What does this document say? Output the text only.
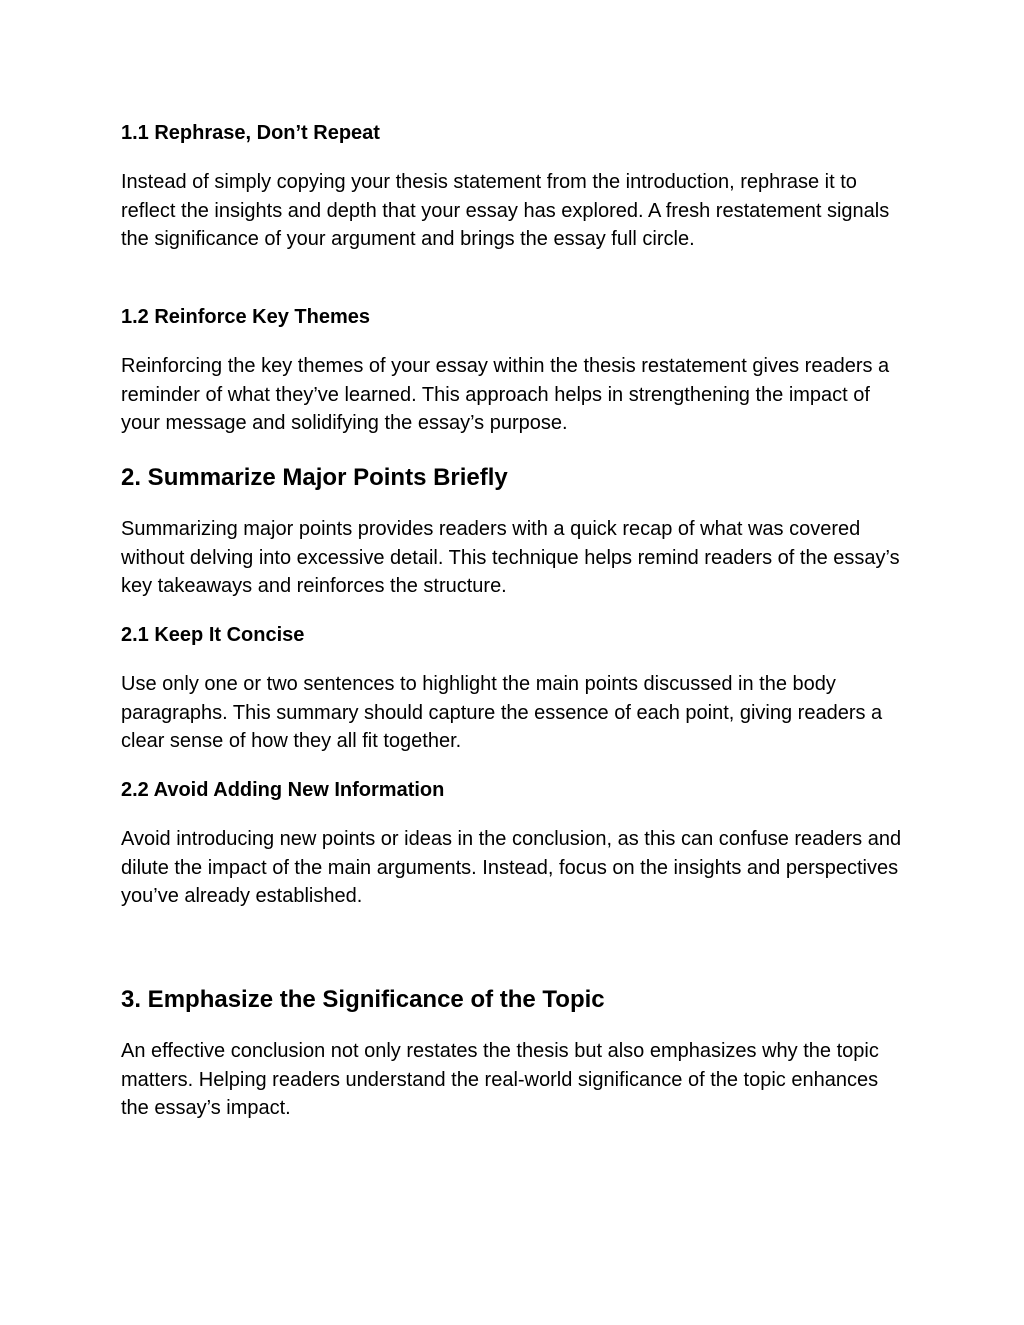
1.1 Rephrase, Don’t Repeat

Instead of simply copying your thesis statement from the introduction, rephrase it to reflect the insights and depth that your essay has explored. A fresh restatement signals the significance of your argument and brings the essay full circle.

1.2 Reinforce Key Themes

Reinforcing the key themes of your essay within the thesis restatement gives readers a reminder of what they’ve learned. This approach helps in strengthening the impact of your message and solidifying the essay’s purpose.

2. Summarize Major Points Briefly

Summarizing major points provides readers with a quick recap of what was covered without delving into excessive detail. This technique helps remind readers of the essay’s key takeaways and reinforces the structure.

2.1 Keep It Concise

Use only one or two sentences to highlight the main points discussed in the body paragraphs. This summary should capture the essence of each point, giving readers a clear sense of how they all fit together.

2.2 Avoid Adding New Information

Avoid introducing new points or ideas in the conclusion, as this can confuse readers and dilute the impact of the main arguments. Instead, focus on the insights and perspectives you’ve already established.

3. Emphasize the Significance of the Topic

An effective conclusion not only restates the thesis but also emphasizes why the topic matters. Helping readers understand the real-world significance of the topic enhances the essay’s impact.
